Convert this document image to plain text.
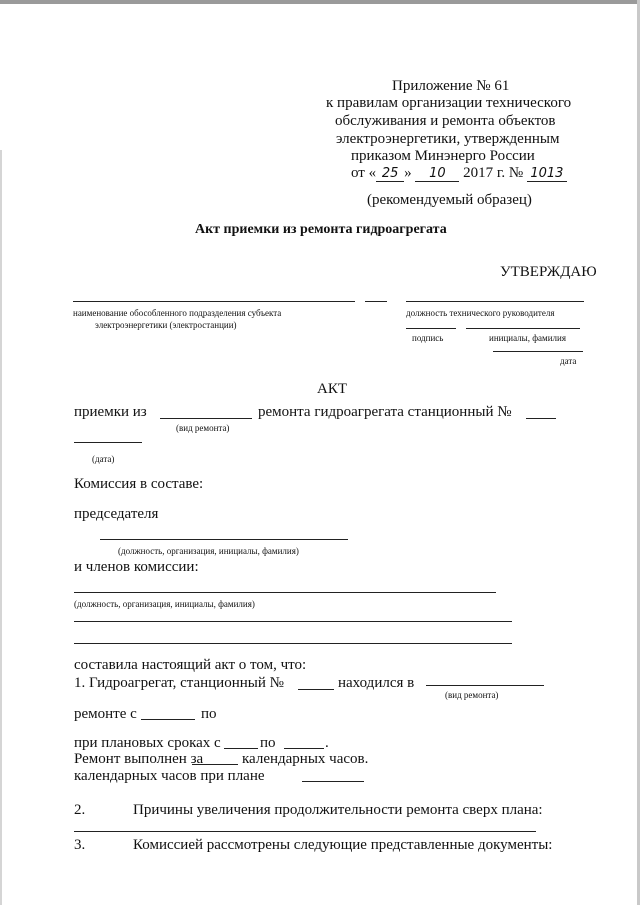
Приложение № 61
к правилам организации технического
обслуживания и ремонта объектов
электроэнергетики, утвержденным
приказом Минэнерго России
от « 25 » 10 2017 г. № 1013
(рекомендуемый образец)
Акт приемки из ремонта гидроагрегата
УТВЕРЖДАЮ
наименование обособленного подразделения субъекта
электроэнергетики (электростанции)
должность технического руководителя
подпись	инициалы, фамилия
дата
АКТ
приемки из	ремонта гидроагрегата станционный №
(вид ремонта)
(дата)
Комиссия в составе:
председателя
(должность, организация, инициалы, фамилия)
и членов комиссии:
(должность, организация, инициалы, фамилия)
составила настоящий акт о том, что:
1. Гидроагрегат, станционный №	находился в
(вид ремонта)
ремонте с	по
при плановых сроках с	по	.
Ремонт выполнен за	календарных часов.
календарных часов при плане
2.	Причины увеличения продолжительности ремонта сверх плана:
3.	Комиссией рассмотрены следующие представленные документы:
